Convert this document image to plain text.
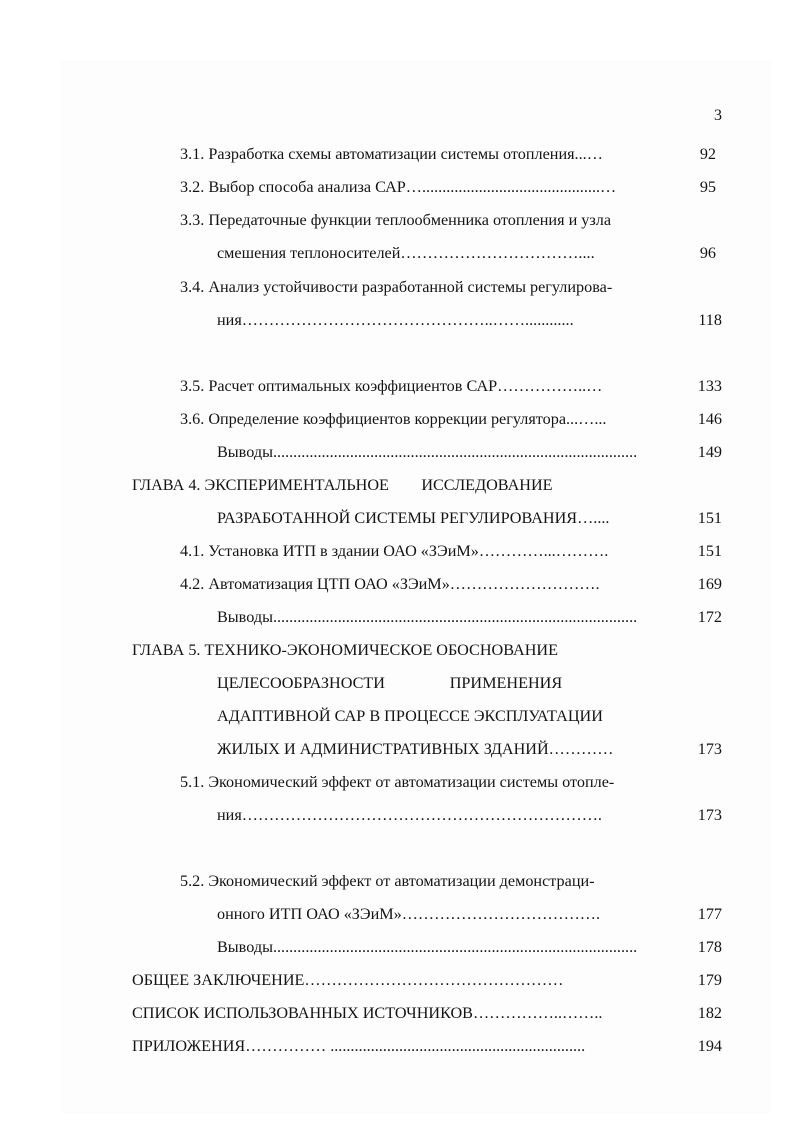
3
3.1. Разработка схемы автоматизации системы отопления...…	92
3.2. Выбор способа анализа САР…............................................…	95
3.3. Передаточные функции теплообменника отопления и узла
смешения теплоносителей……………………………....	96
3.4. Анализ устойчивости разработанной системы регулирова-
ния………………………………………..……............	118
3.5. Расчет оптимальных коэффициентов САР……………..…	133
3.6. Определение коэффициентов коррекции регулятора...…...	146
Выводы..........................................................................................	149
ГЛАВА 4. ЭКСПЕРИМЕНТАЛЬНОЕ        ИССЛЕДОВАНИЕ
РАЗРАБОТАННОЙ СИСТЕМЫ РЕГУЛИРОВАНИЯ…....	151
4.1. Установка ИТП в здании ОАО «ЗЭиМ»…………...……….	151
4.2. Автоматизация ЦТП ОАО «ЗЭиМ»……………………….	169
Выводы..........................................................................................	172
ГЛАВА 5. ТЕХНИКО-ЭКОНОМИЧЕСКОЕ ОБОСНОВАНИЕ
ЦЕЛЕСООБРАЗНОСТИ                ПРИМЕНЕНИЯ
АДАПТИВНОЙ САР В ПРОЦЕССЕ ЭКСПЛУАТАЦИИ
ЖИЛЫХ И АДМИНИСТРАТИВНЫХ ЗДАНИЙ…………	173
5.1. Экономический эффект от автоматизации системы отопле-
ния………………………………………………………….	173
5.2. Экономический эффект от автоматизации демонстраци-
онного ИТП ОАО «ЗЭиМ»……………………………….	177
Выводы..........................................................................................	178
ОБЩЕЕ ЗАКЛЮЧЕНИЕ…………………………………………	179
СПИСОК ИСПОЛЬЗОВАННЫХ ИСТОЧНИКОВ……………..……..	182
ПРИЛОЖЕНИЯ…………… ...............................................................	194
